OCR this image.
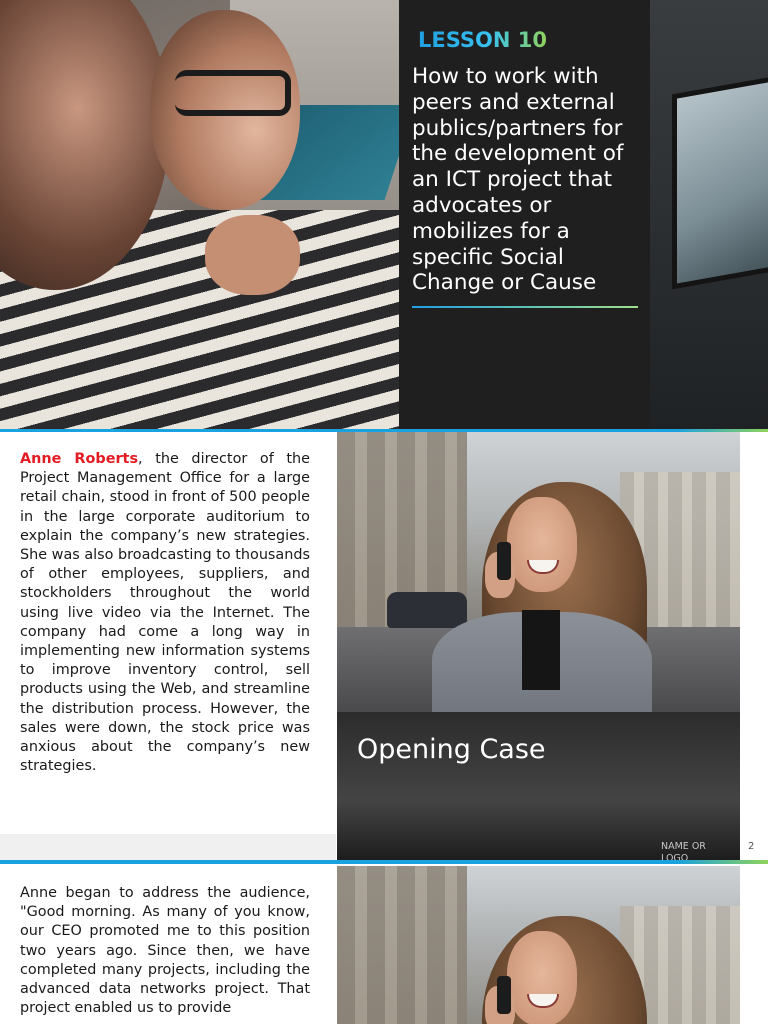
LESSON 10
How to work with peers and external publics/partners for the development of an ICT project that advocates or mobilizes for a specific Social Change or Cause

Anne Roberts, the director of the Project Management Office for a large retail chain, stood in front of 500 people in the large corporate auditorium to explain the company’s new strategies. She was also broadcasting to thousands of other employees, suppliers, and stockholders throughout the world using live video via the Internet. The company had come a long way in implementing new information systems to improve inventory control, sell products using the Web, and streamline the distribution process. However, the sales were down, the stock price was anxious about the company’s new strategies.

Opening Case
NAME OR LOGO
2

Anne began to address the audience, "Good morning. As many of you know, our CEO promoted me to this position two years ago. Since then, we have completed many projects, including the advanced data networks project. That project enabled us to provide
